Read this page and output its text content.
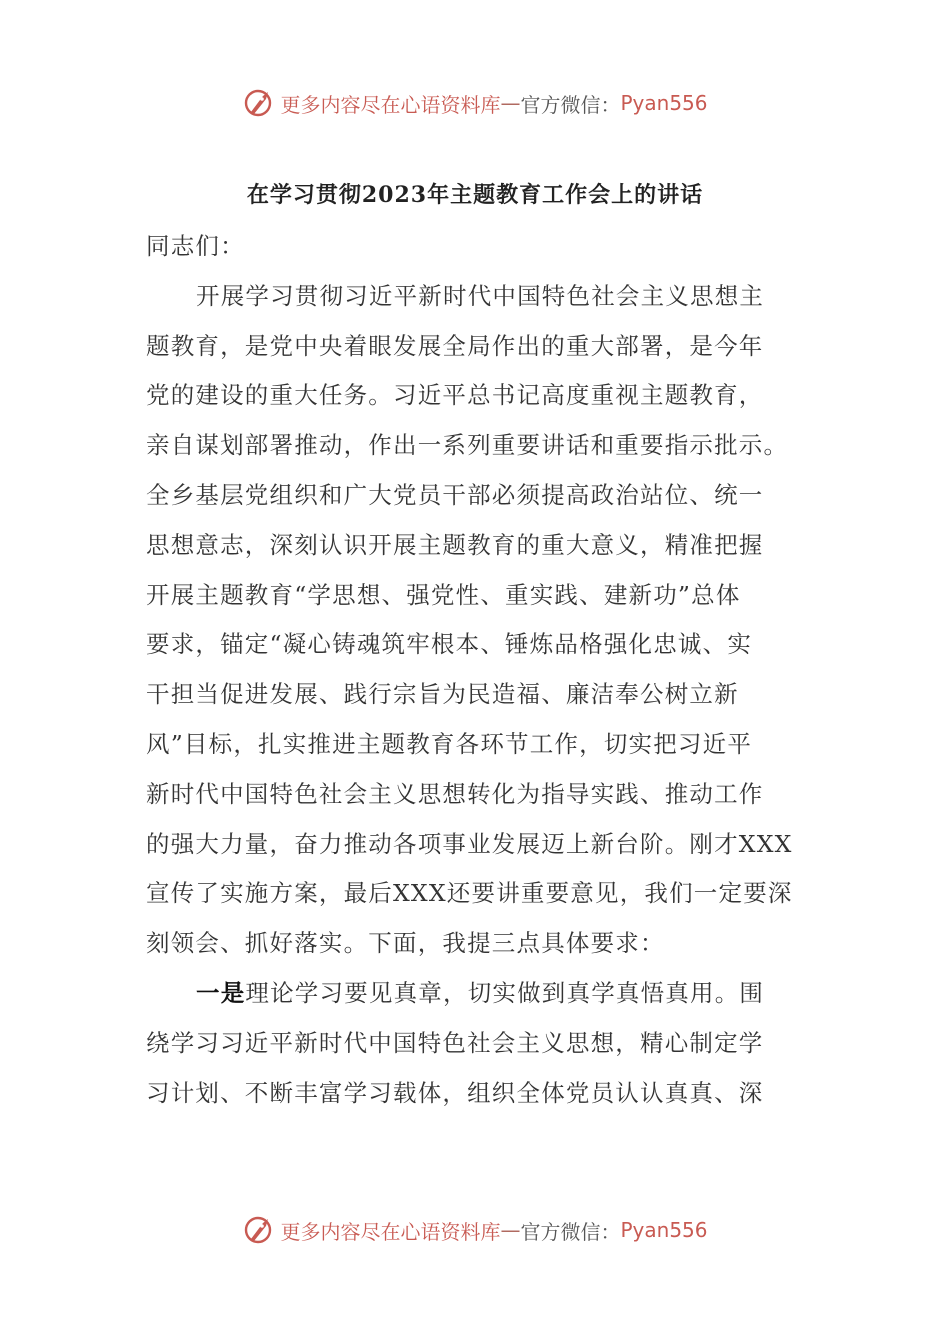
更多内容尽在心语资料库 — 官方微信： Pyan556
在学习贯彻2023年主题教育工作会上的讲话
同志们：
开展学习贯彻习近平新时代中国特色社会主义思想主
题教育，是党中央着眼发展全局作出的重大部署，是今年
党的建设的重大任务。习近平总书记高度重视主题教育，
亲自谋划部署推动，作出一系列重要讲话和重要指示批示。
全乡基层党组织和广大党员干部必须提高政治站位、统一
思想意志，深刻认识开展主题教育的重大意义，精准把握
开展主题教育“学思想、强党性、重实践、建新功”总体
要求，锚定“凝心铸魂筑牢根本、锤炼品格强化忠诚、实
干担当促进发展、践行宗旨为民造福、廉洁奉公树立新
风”目标，扎实推进主题教育各环节工作，切实把习近平
新时代中国特色社会主义思想转化为指导实践、推动工作
的强大力量，奋力推动各项事业发展迈上新台阶。刚才XXX
宣传了实施方案，最后XXX还要讲重要意见，我们一定要深
刻领会、抓好落实。下面，我提三点具体要求：
一是理论学习要见真章，切实做到真学真悟真用。围
绕学习习近平新时代中国特色社会主义思想，精心制定学
习计划、不断丰富学习载体，组织全体党员认认真真、深
更多内容尽在心语资料库 — 官方微信： Pyan556
